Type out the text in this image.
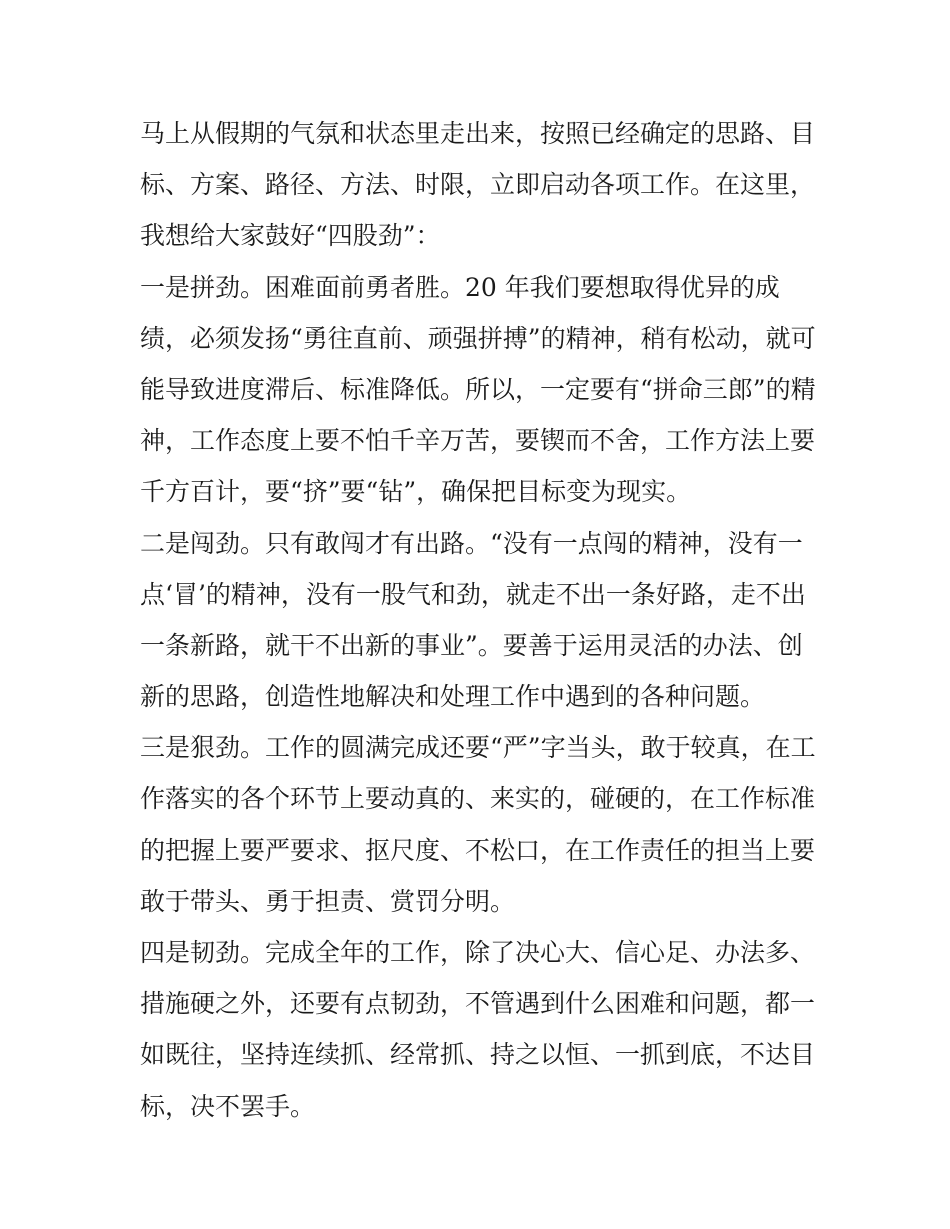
马上从假期的气氛和状态里走出来，按照已经确定的思路、目
标、方案、路径、方法、时限，立即启动各项工作。在这里，
我想给大家鼓好“四股劲”：
一是拼劲。困难面前勇者胜。20 年我们要想取得优异的成
绩，必须发扬“勇往直前、顽强拼搏”的精神，稍有松动，就可
能导致进度滞后、标准降低。所以，一定要有“拼命三郎”的精
神，工作态度上要不怕千辛万苦，要锲而不舍，工作方法上要
千方百计，要“挤”要“钻”，确保把目标变为现实。
二是闯劲。只有敢闯才有出路。“没有一点闯的精神，没有一
点‘冒’的精神，没有一股气和劲，就走不出一条好路，走不出
一条新路，就干不出新的事业”。要善于运用灵活的办法、创
新的思路，创造性地解决和处理工作中遇到的各种问题。
三是狠劲。工作的圆满完成还要“严”字当头，敢于较真，在工
作落实的各个环节上要动真的、来实的，碰硬的，在工作标准
的把握上要严要求、抠尺度、不松口，在工作责任的担当上要
敢于带头、勇于担责、赏罚分明。
四是韧劲。完成全年的工作，除了决心大、信心足、办法多、
措施硬之外，还要有点韧劲，不管遇到什么困难和问题，都一
如既往，坚持连续抓、经常抓、持之以恒、一抓到底，不达目
标，决不罢手。
